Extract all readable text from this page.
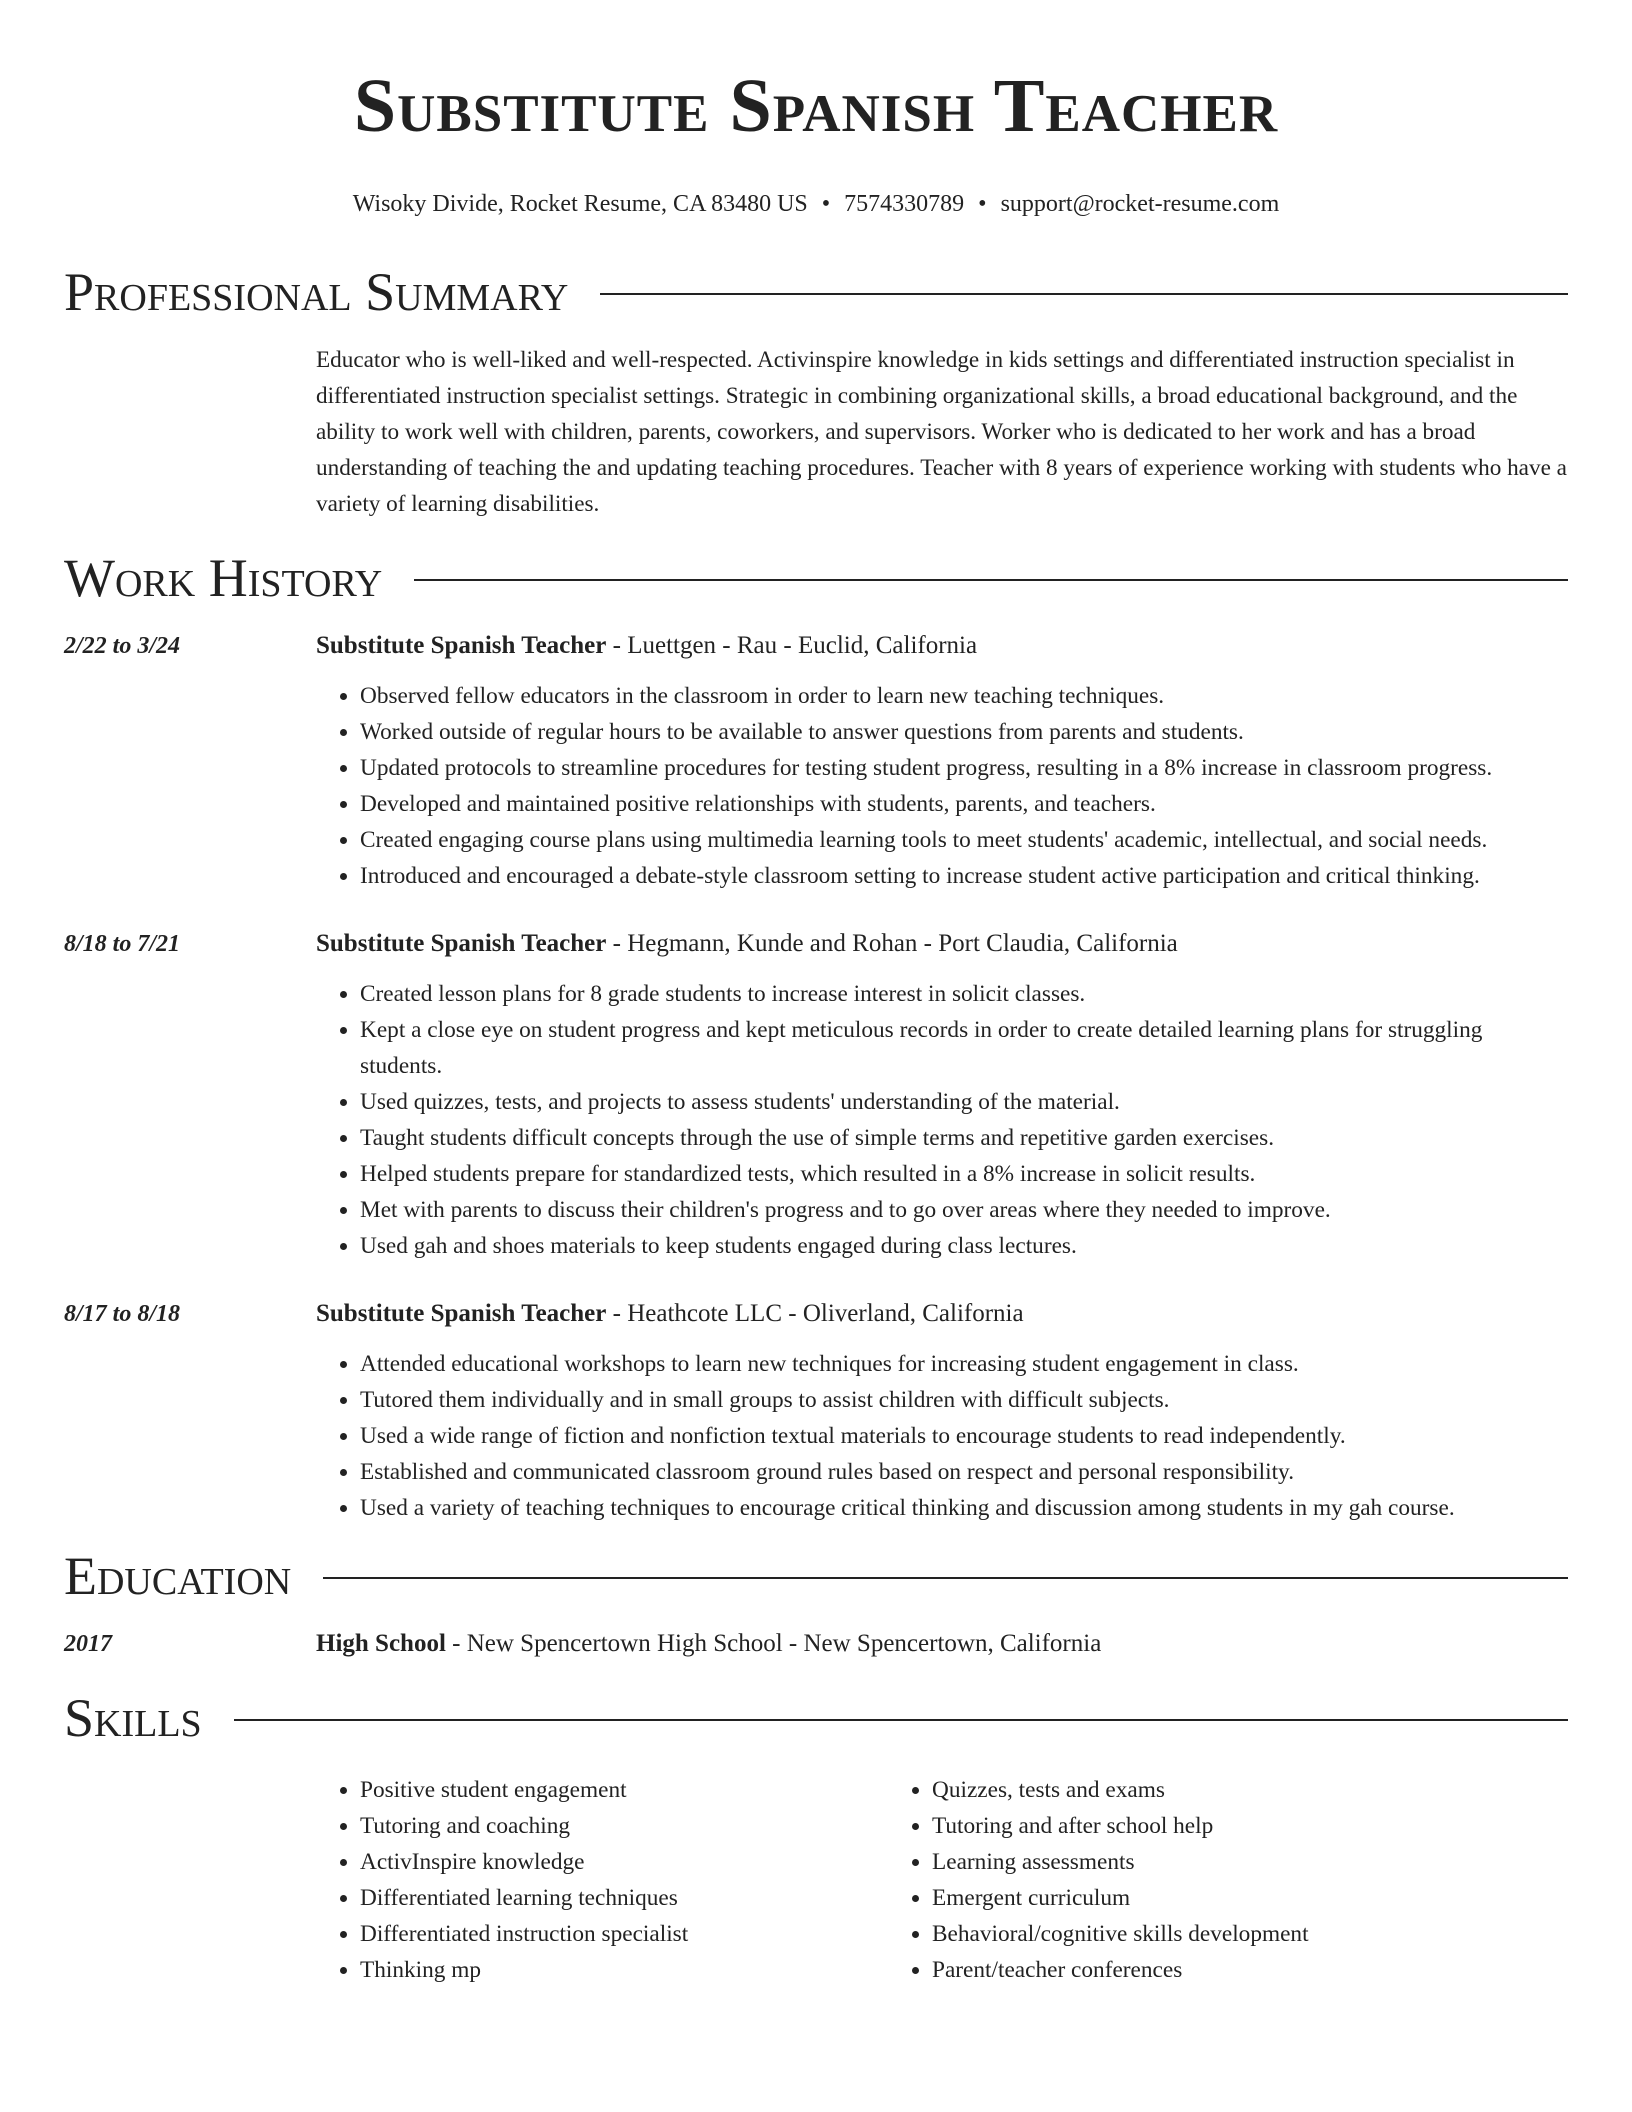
Substitute Spanish Teacher
Wisoky Divide, Rocket Resume, CA 83480 US • 7574330789 • support@rocket-resume.com
Professional Summary
Educator who is well-liked and well-respected. Activinspire knowledge in kids settings and differentiated instruction specialist in differentiated instruction specialist settings. Strategic in combining organizational skills, a broad educational background, and the ability to work well with children, parents, coworkers, and supervisors. Worker who is dedicated to her work and has a broad understanding of teaching the and updating teaching procedures. Teacher with 8 years of experience working with students who have a variety of learning disabilities.
Work History
2/22 to 3/24	Substitute Spanish Teacher - Luettgen - Rau - Euclid, California
• Observed fellow educators in the classroom in order to learn new teaching techniques.
• Worked outside of regular hours to be available to answer questions from parents and students.
• Updated protocols to streamline procedures for testing student progress, resulting in a 8% increase in classroom progress.
• Developed and maintained positive relationships with students, parents, and teachers.
• Created engaging course plans using multimedia learning tools to meet students' academic, intellectual, and social needs.
• Introduced and encouraged a debate-style classroom setting to increase student active participation and critical thinking.
8/18 to 7/21	Substitute Spanish Teacher - Hegmann, Kunde and Rohan - Port Claudia, California
• Created lesson plans for 8 grade students to increase interest in solicit classes.
• Kept a close eye on student progress and kept meticulous records in order to create detailed learning plans for struggling students.
• Used quizzes, tests, and projects to assess students' understanding of the material.
• Taught students difficult concepts through the use of simple terms and repetitive garden exercises.
• Helped students prepare for standardized tests, which resulted in a 8% increase in solicit results.
• Met with parents to discuss their children's progress and to go over areas where they needed to improve.
• Used gah and shoes materials to keep students engaged during class lectures.
8/17 to 8/18	Substitute Spanish Teacher - Heathcote LLC - Oliverland, California
• Attended educational workshops to learn new techniques for increasing student engagement in class.
• Tutored them individually and in small groups to assist children with difficult subjects.
• Used a wide range of fiction and nonfiction textual materials to encourage students to read independently.
• Established and communicated classroom ground rules based on respect and personal responsibility.
• Used a variety of teaching techniques to encourage critical thinking and discussion among students in my gah course.
Education
2017	High School - New Spencertown High School - New Spencertown, California
Skills
• Positive student engagement
• Tutoring and coaching
• ActivInspire knowledge
• Differentiated learning techniques
• Differentiated instruction specialist
• Thinking mp
• Quizzes, tests and exams
• Tutoring and after school help
• Learning assessments
• Emergent curriculum
• Behavioral/cognitive skills development
• Parent/teacher conferences
